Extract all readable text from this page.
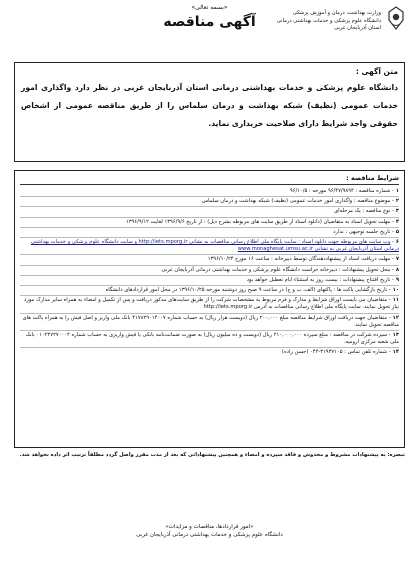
«بسمه تعالی»
آگهی مناقصه
وزارت بهداشت، درمان و آموزش پزشکی
دانشگاه علوم پزشکی و خدمات بهداشتی درمانی
استان آذربایجان غربی
متن آگهی :
دانشگاه علوم پزشکی و خدمات بهداشتی درمانی استان آذربایجان غربی در نظر دارد واگذاری امور خدمات عمومی (نظیف) شبکه بهداشت و درمان سلماس را از طریق مناقصه عمومی از اشخاص حقوقی واجد شرایط دارای صلاحیت خریداری نماید.
شرایط مناقصه :
۱- شماره مناقصه : ۹۶/۴۷/۹۸۹۴ مورخه : ۹۶/۱۰/۵
۲- موضوع مناقصه : واگذاری امور خدمات عمومی (نظیف) شبکه بهداشت و درمان سلماس
۳- نوع مناقصه : یک مرحله‌ای
۴- مهلت تحویل اسناد به متقاضیان (دانلود اسناد از طریق سایت های مربوطه بشرح ذیل) : از تاریخ ۱۳۹۶/۹/۶ لغایت ۱۳۹۶/۹/۱۲
۵- تاریخ جلسه توجیهی : ندارد
۶- وب سایت های مربوطه جهت دانلود اسناد : سایت پایگاه ملی اطلاع رسانی مناقصات به نشانی http://iets.mporg.ir و سایت دانشگاه علوم پزشکی و خدمات بهداشتی درمانی استان آذربایجان غربی به نشانی www.monaghesat.umsu.ac.ir
۷- مهلت دریافت اسناد از پیشنهاددهندگان توسط دبیرخانه : ساعت ۱۶ مورخ ۱۳۹۶/۱۰/۲۴
۸- محل تحویل پیشنهادات : دبیرخانه حراست دانشگاه علوم پزشکی و خدمات بهداشتی درمانی آذربایجان غربی
۹- تاریخ افتتاح پیشنهادات : بیست روز به استثناء ایام تعطیل خواهد بود
۱۰- تاریخ بازگشایی پاکت ها : پاکتهای (الف، ب و ج) در ساعت ۹ صبح روز دوشنبه مورخه ۱۳۹۶/۱۰/۲۵ در محل امور قراردادهای دانشگاه
۱۱- متقاضیان می بایست اوراق شرایط و مدارک و فرم مربوط به مشخصات شرکت را از طریق سایت‌های مذکور دریافت و پس از تکمیل و امضاء به همراه سایر مدارک مورد نیاز تحویل نمایند. سایت پایگاه ملی اطلاع رسانی مناقصات به آدرس http://iets.mporg.ir
۱۲- متقاضیان جهت دریافت اوراق شرایط مناقصه مبلغ ۲۰۰,۰۰۰ ریال (دویست هزار ریال) به حساب شماره ۴۱۷۸۲۹۰۱۴۰۰۷ بانک ملی واریز و اصل فیش را به همراه پاکت های مناقصه تحویل نمایند.
۱۳- سپرده شرکت در مناقصه : مبلغ سپرده ۲۱۰,۰۰۰,۰۰۰ ریال (دویست و ده میلیون ریال) به صورت ضمانت‌نامه بانکی یا فیش واریزی به حساب شماره ۰۱۰۲۲۷۲۷۰۰۰۲ بانک ملی شعبه مرکزی ارومیه.
۱۴- شماره تلفن تماس : ۳۱۹۳۷۱۰۵-۰۴۴ (حسن زاده)
تبصره: به پیشنهادات مشروط و مخدوش و فاقد سپرده و امضاء و همچنین پیشنهاداتی که بعد از مدت مقرر واصل گردد مطلقاً ترتیب اثر داده نخواهد شد.
«امور قراردادها، مناقصات و مزایدات»
دانشگاه علوم پزشکی و خدمات بهداشتی درمانی آذربایجان غربی
